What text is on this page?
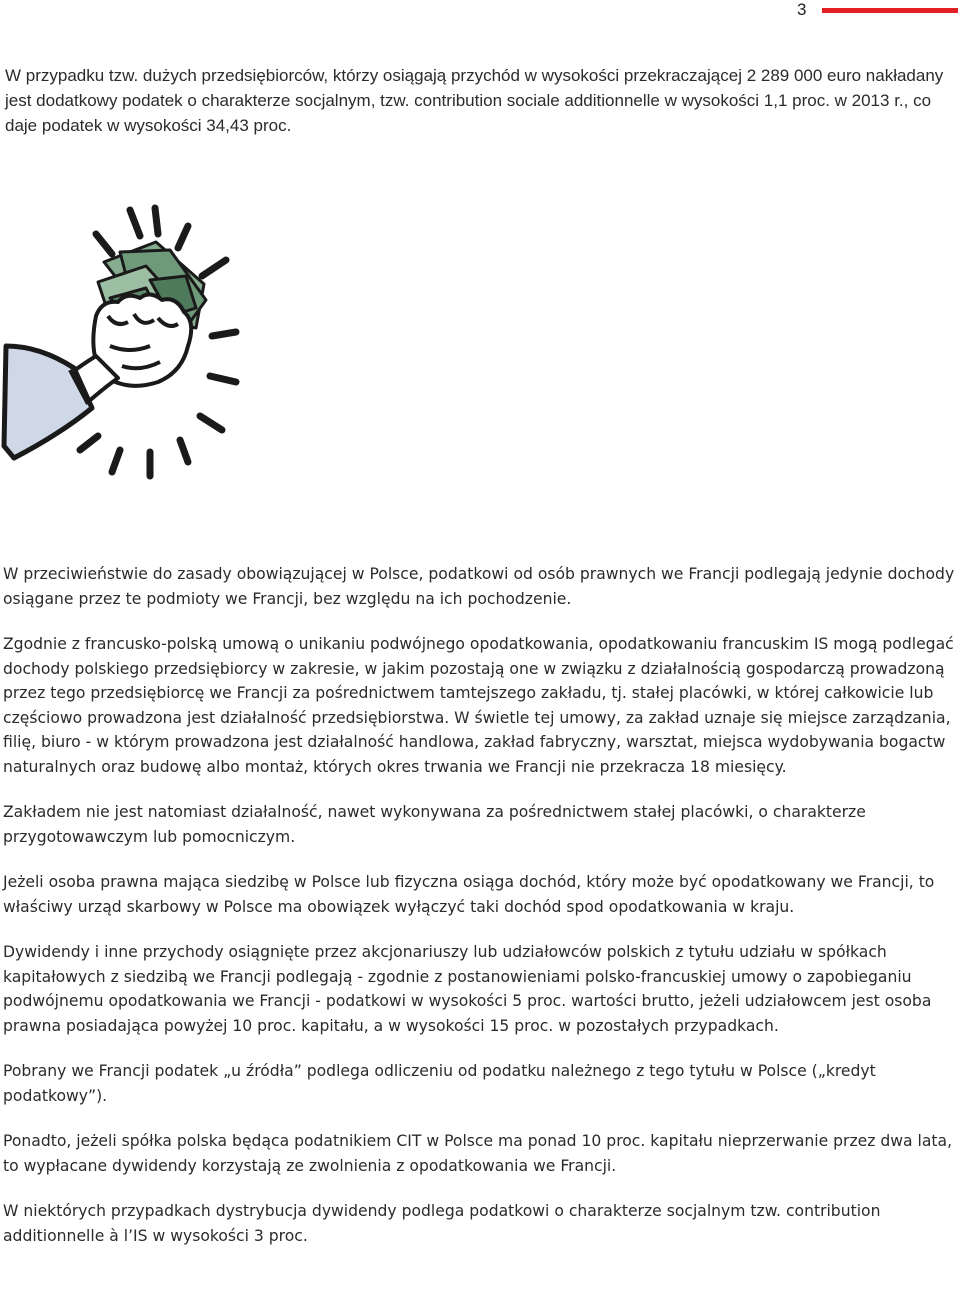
3

W przypadku tzw. dużych przedsiębiorców, którzy osiągają przychód w wysokości przekraczającej 2 289 000 euro nakładany jest dodatkowy podatek o charakterze socjalnym, tzw. contribution sociale additionnelle w wysokości 1,1 proc. w 2013 r., co daje podatek w wysokości 34,43 proc.

W przeciwieństwie do zasady obowiązującej w Polsce, podatkowi od osób prawnych we Francji podlegają jedynie dochody osiągane przez te podmioty we Francji, bez względu na ich pochodzenie.

Zgodnie z francusko-polską umową o unikaniu podwójnego opodatkowania, opodatkowaniu francuskim IS mogą podlegać dochody polskiego przedsiębiorcy w zakresie, w jakim pozostają one w związku z działalnością gospodarczą prowadzoną przez tego przedsiębiorcę we Francji za pośrednictwem tamtejszego zakładu, tj. stałej placówki, w której całkowicie lub częściowo prowadzona jest działalność przedsiębiorstwa. W świetle tej umowy, za zakład uznaje się miejsce zarządzania, filię, biuro - w którym prowadzona jest działalność handlowa, zakład fabryczny, warsztat, miejsca wydobywania bogactw naturalnych oraz budowę albo montaż, których okres trwania we Francji nie przekracza 18 miesięcy.

Zakładem nie jest natomiast działalność, nawet wykonywana za pośrednictwem stałej placówki, o charakterze przygotowawczym lub pomocniczym.

Jeżeli osoba prawna mająca siedzibę w Polsce lub fizyczna osiąga dochód, który może być opodatkowany we Francji, to właściwy urząd skarbowy w Polsce ma obowiązek wyłączyć taki dochód spod opodatkowania w kraju.

Dywidendy i inne przychody osiągnięte przez akcjonariuszy lub udziałowców polskich z tytułu udziału w spółkach kapitałowych z siedzibą we Francji podlegają - zgodnie z postanowieniami polsko-francuskiej umowy o zapobieganiu podwójnemu opodatkowania we Francji - podatkowi w wysokości 5 proc. wartości brutto, jeżeli udziałowcem jest osoba prawna posiadająca powyżej 10 proc. kapitału, a w wysokości 15 proc. w pozostałych przypadkach.

Pobrany we Francji podatek „u źródła” podlega odliczeniu od podatku należnego z tego tytułu w Polsce („kredyt podatkowy”).

Ponadto, jeżeli spółka polska będąca podatnikiem CIT w Polsce ma ponad 10 proc. kapitału nieprzerwanie przez dwa lata, to wypłacane dywidendy korzystają ze zwolnienia z opodatkowania we Francji.

W niektórych przypadkach dystrybucja dywidendy podlega podatkowi o charakterze socjalnym tzw. contribution additionnelle à l’IS w wysokości 3 proc.
